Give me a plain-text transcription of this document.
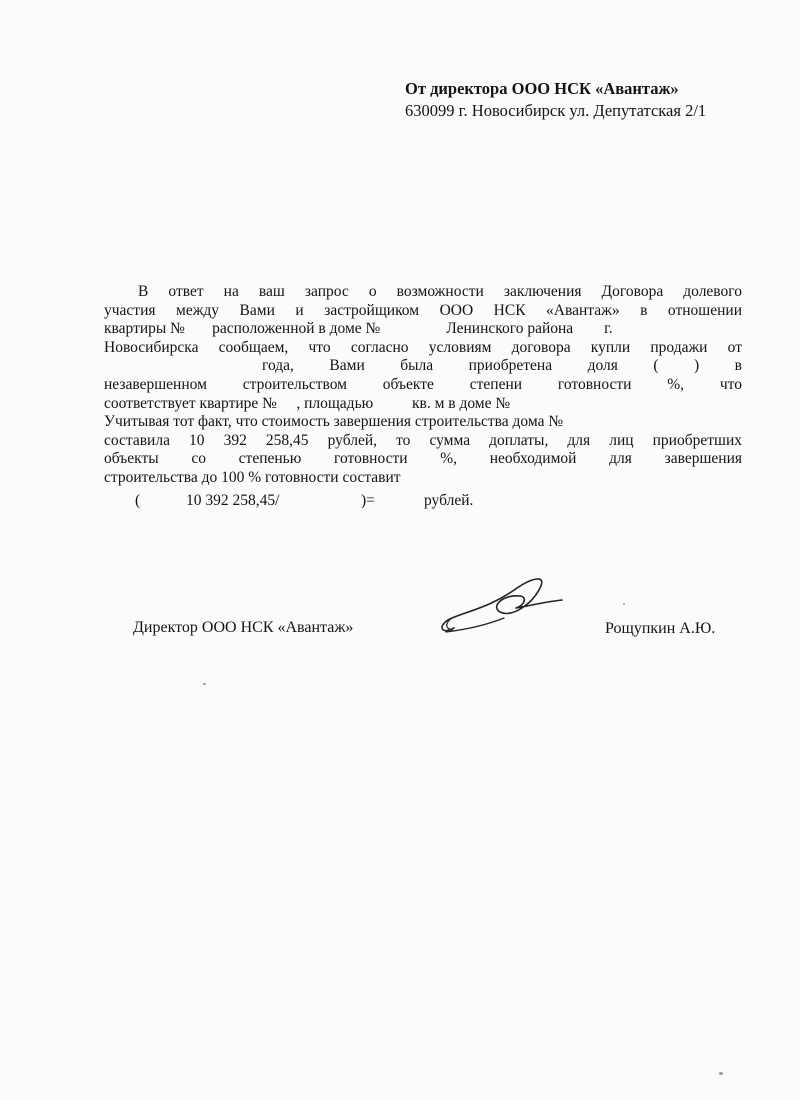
От директора ООО НСК «Авантаж»
630099 г. Новосибирск ул. Депутатская 2/1
В ответ на ваш запрос о возможности заключения Договора долевого
участия между Вами и застройщиком ООО НСК «Авантаж» в отношении
квартиры №       расположенной в доме №                 Ленинского района        г.
Новосибирска сообщаем, что согласно условиям договора купли продажи от
года, Вами была приобретена доля ( ) в
незавершенном строительством объекте степени готовности %, что
соответствует квартире №     , площадью          кв. м в доме №
Учитывая тот факт, что стоимость завершения строительства дома №
составила 10 392 258,45 рублей, то сумма доплаты, для лиц приобретших
объекты со степенью готовности %, необходимой для завершения
строительства до 100 % готовности составит
(	10 392 258,45/	)=	рублей.
Директор ООО НСК «Авантаж»	Рощупкин А.Ю.
